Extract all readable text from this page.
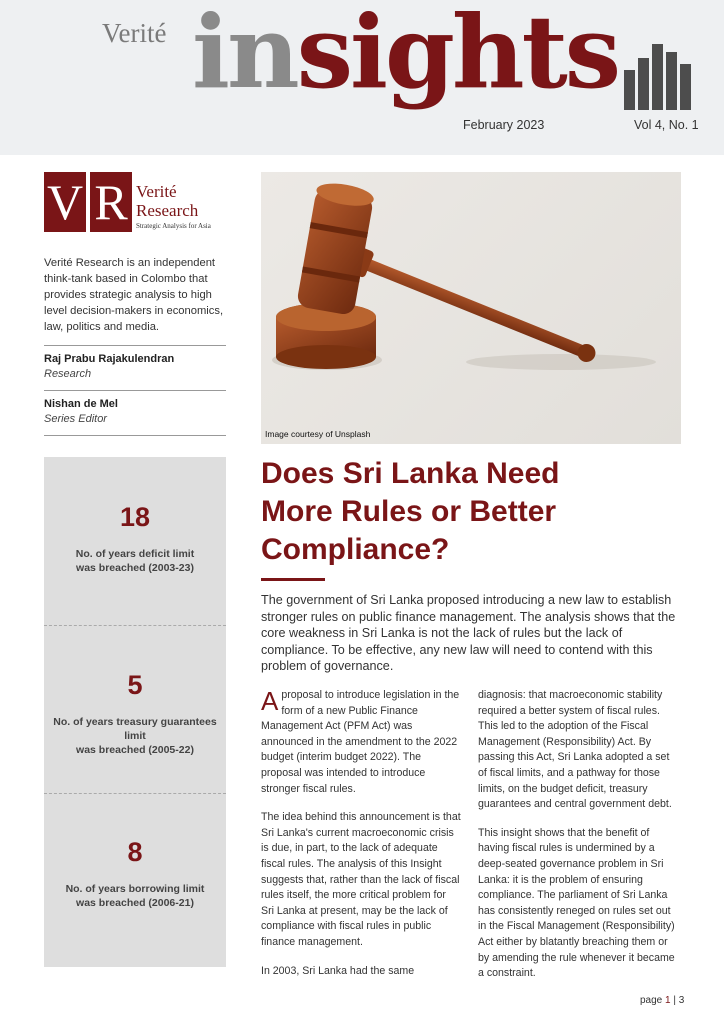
Verité insights
February 2023	Vol 4, No. 1
V R Verité
Research
Strategic Analysis for Asia
Verité Research is an independent think-tank based in Colombo that provides strategic analysis to high level decision-makers in economics, law, politics and media.
Raj Prabu Rajakulendran
Research
Nishan de Mel
Series Editor
18
No. of years deficit limit
was breached (2003-23)
5
No. of years treasury guarantees limit
was breached (2005-22)
8
No. of years borrowing limit
was breached (2006-21)
Image courtesy of Unsplash
Does Sri Lanka Need
More Rules or Better
Compliance?
The government of Sri Lanka proposed introducing a new law to establish stronger rules on public finance management. The analysis shows that the core weakness in Sri Lanka is not the lack of rules but the lack of compliance. To be effective, any new law will need to contend with this problem of governance.

A proposal to introduce legislation in the form of a new Public Finance Management Act (PFM Act) was announced in the amendment to the 2022 budget (interim budget 2022). The proposal was intended to introduce stronger fiscal rules.

The idea behind this announcement is that Sri Lanka's current macroeconomic crisis is due, in part, to the lack of adequate fiscal rules. The analysis of this Insight suggests that, rather than the lack of fiscal rules itself, the more critical problem for Sri Lanka at present, may be the lack of compliance with fiscal rules in public finance management.

In 2003, Sri Lanka had the same

diagnosis: that macroeconomic stability required a better system of fiscal rules. This led to the adoption of the Fiscal Management (Responsibility) Act. By passing this Act, Sri Lanka adopted a set of fiscal limits, and a pathway for those limits, on the budget deficit, treasury guarantees and central government debt.

This insight shows that the benefit of having fiscal rules is undermined by a deep-seated governance problem in Sri Lanka: it is the problem of ensuring compliance. The parliament of Sri Lanka has consistently reneged on rules set out in the Fiscal Management (Responsibility) Act either by blatantly breaching them or by amending the rule whenever it became a constraint.

page 1 | 3
